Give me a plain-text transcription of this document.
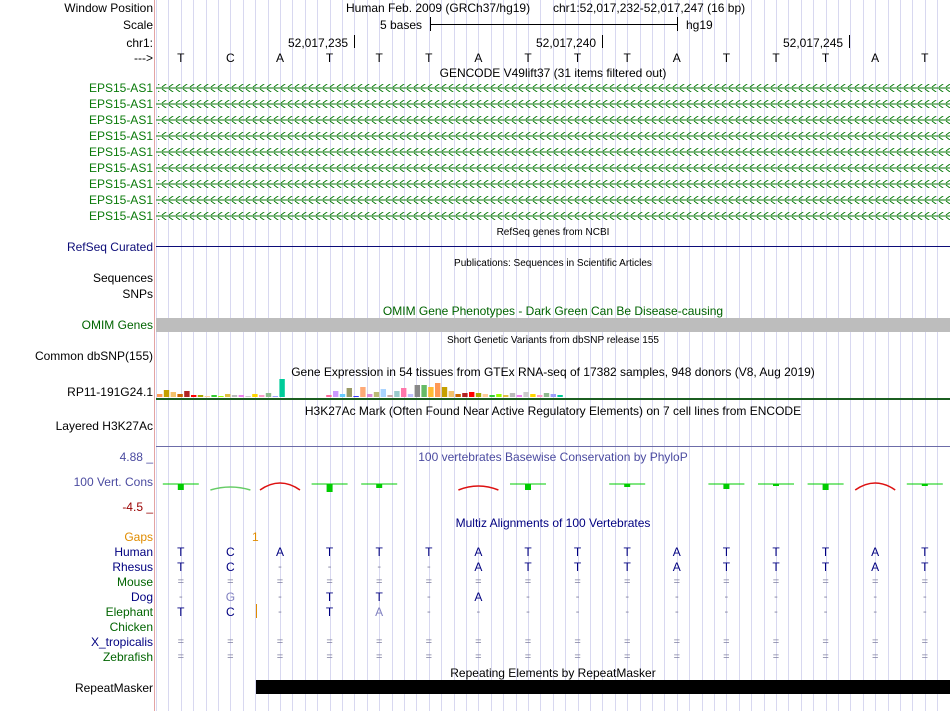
Window Position
Scale
chr1:
--->
Human Feb. 2009 (GRCh37/hg19) chr1:52,017,232-52,017,247 (16 bp)
5 bases	hg19
52,017,235	52,017,240	52,017,245
T	C	A	T	T	T	A	T	T	T	A	T	T	T	A	T
GENCODE V49lift37 (31 items filtered out)
EPS15-AS1
EPS15-AS1
EPS15-AS1
EPS15-AS1
EPS15-AS1
EPS15-AS1
EPS15-AS1
EPS15-AS1
EPS15-AS1
RefSeq genes from NCBI
RefSeq Curated
Publications: Sequences in Scientific Articles
Sequences
SNPs
OMIM Gene Phenotypes - Dark Green Can Be Disease-causing
OMIM Genes
Short Genetic Variants from dbSNP release 155
Common dbSNP(155)
Gene Expression in 54 tissues from GTEx RNA-seq of 17382 samples, 948 donors (V8, Aug 2019)
RP11-191G24.1
H3K27Ac Mark (Often Found Near Active Regulatory Elements) on 7 cell lines from ENCODE
Layered H3K27Ac
100 vertebrates Basewise Conservation by PhyloP
4.88 _
100 Vert. Cons
-4.5 _
Multiz Alignments of 100 Vertebrates
Gaps	1
Human	T	C	A	T	T	T	A	T	T	T	A	T	T	T	A	T
Rhesus	T	C	-	-	-	-	A	T	T	T	A	T	T	T	A	T
Mouse	=	=	=	=	=	=	=	=	=	=	=	=	=	=	=	=
Dog	-	G	-	T	T	-	A	-	-	-	-	-	-	-	-	-
Elephant	T	C	-	T	A	-	-	-	-	-	-	-	-	-	-	-
Chicken
X_tropicalis	=	=	=	=	=	=	=	=	=	=	=	=	=	=	=	=
Zebrafish	=	=	=	=	=	=	=	=	=	=	=	=	=	=	=	=
Repeating Elements by RepeatMasker
RepeatMasker
